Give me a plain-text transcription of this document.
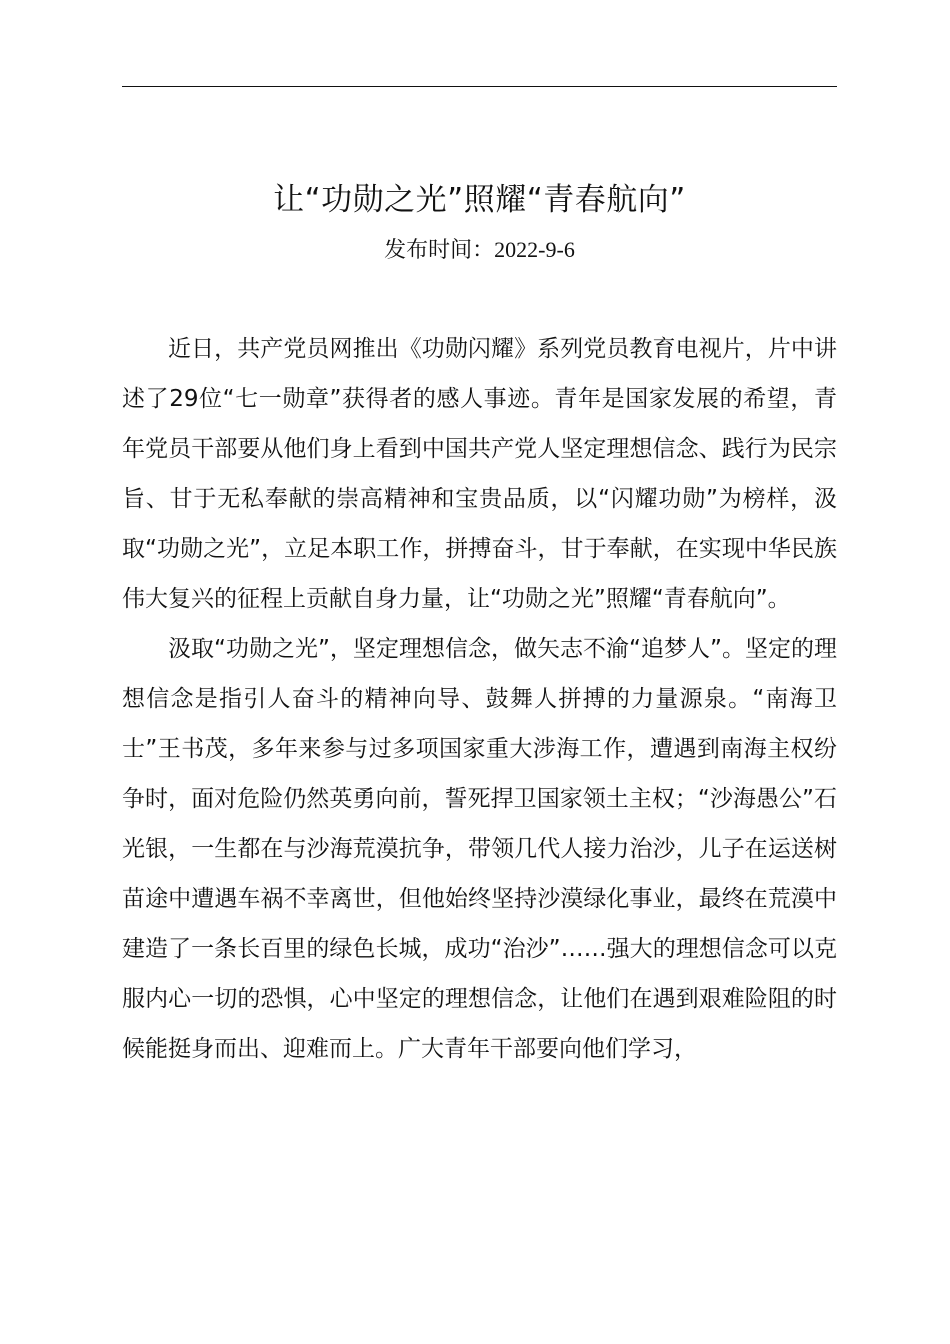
让“功勋之光”照耀“青春航向”
发布时间：2022-9-6

近日，共产党员网推出《功勋闪耀》系列党员教育电视片，片中讲述了29位“七一勋章”获得者的感人事迹。青年是国家发展的希望，青年党员干部要从他们身上看到中国共产党人坚定理想信念、践行为民宗旨、甘于无私奉献的崇高精神和宝贵品质，以“闪耀功勋”为榜样，汲取“功勋之光”，立足本职工作，拼搏奋斗，甘于奉献，在实现中华民族伟大复兴的征程上贡献自身力量，让“功勋之光”照耀“青春航向”。

汲取“功勋之光”，坚定理想信念，做矢志不渝“追梦人”。坚定的理想信念是指引人奋斗的精神向导、鼓舞人拼搏的力量源泉。“南海卫士”王书茂，多年来参与过多项国家重大涉海工作，遭遇到南海主权纷争时，面对危险仍然英勇向前，誓死捍卫国家领土主权；“沙海愚公”石光银，一生都在与沙海荒漠抗争，带领几代人接力治沙，儿子在运送树苗途中遭遇车祸不幸离世，但他始终坚持沙漠绿化事业，最终在荒漠中建造了一条长百里的绿色长城，成功“治沙”……强大的理想信念可以克服内心一切的恐惧，心中坚定的理想信念，让他们在遇到艰难险阻的时候能挺身而出、迎难而上。广大青年干部要向他们学习，
